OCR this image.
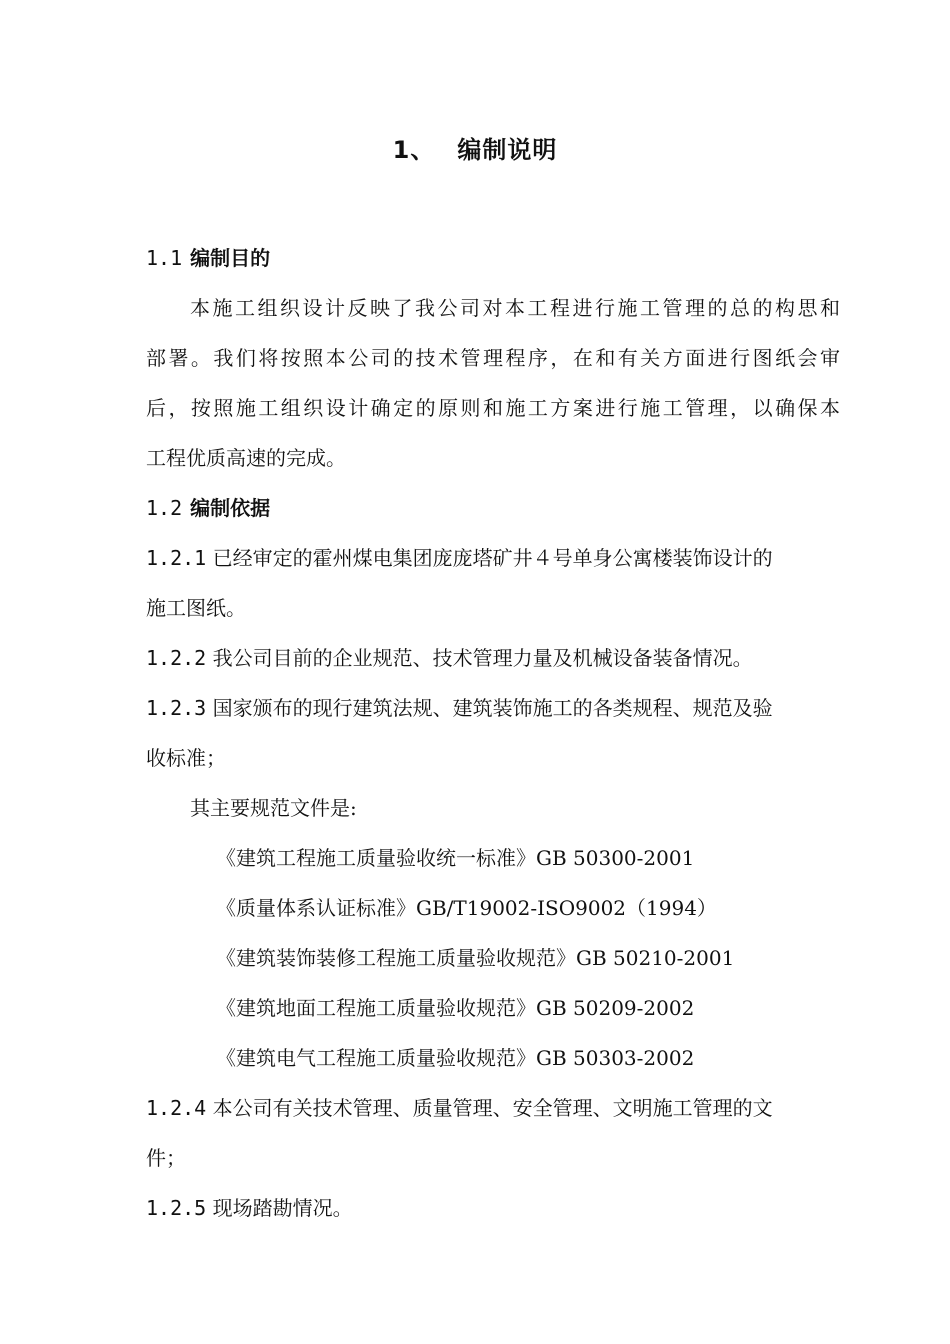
1、 编制说明
1.1 编制目的
本施工组织设计反映了我公司对本工程进行施工管理的总的构思和
部署。我们将按照本公司的技术管理程序，在和有关方面进行图纸会审
后，按照施工组织设计确定的原则和施工方案进行施工管理，以确保本
工程优质高速的完成。
1.2 编制依据
1.2.1 已经审定的霍州煤电集团庞庞塔矿井４号单身公寓楼装饰设计的
施工图纸。
1.2.2 我公司目前的企业规范、技术管理力量及机械设备装备情况。
1.2.3 国家颁布的现行建筑法规、建筑装饰施工的各类规程、规范及验
收标准；
其主要规范文件是:
《建筑工程施工质量验收统一标准》GB 50300-2001
《质量体系认证标准》GB/T19002-ISO9002（1994）
《建筑装饰装修工程施工质量验收规范》GB 50210-2001
《建筑地面工程施工质量验收规范》GB 50209-2002
《建筑电气工程施工质量验收规范》GB 50303-2002
1.2.4 本公司有关技术管理、质量管理、安全管理、文明施工管理的文
件；
1.2.5 现场踏勘情况。
